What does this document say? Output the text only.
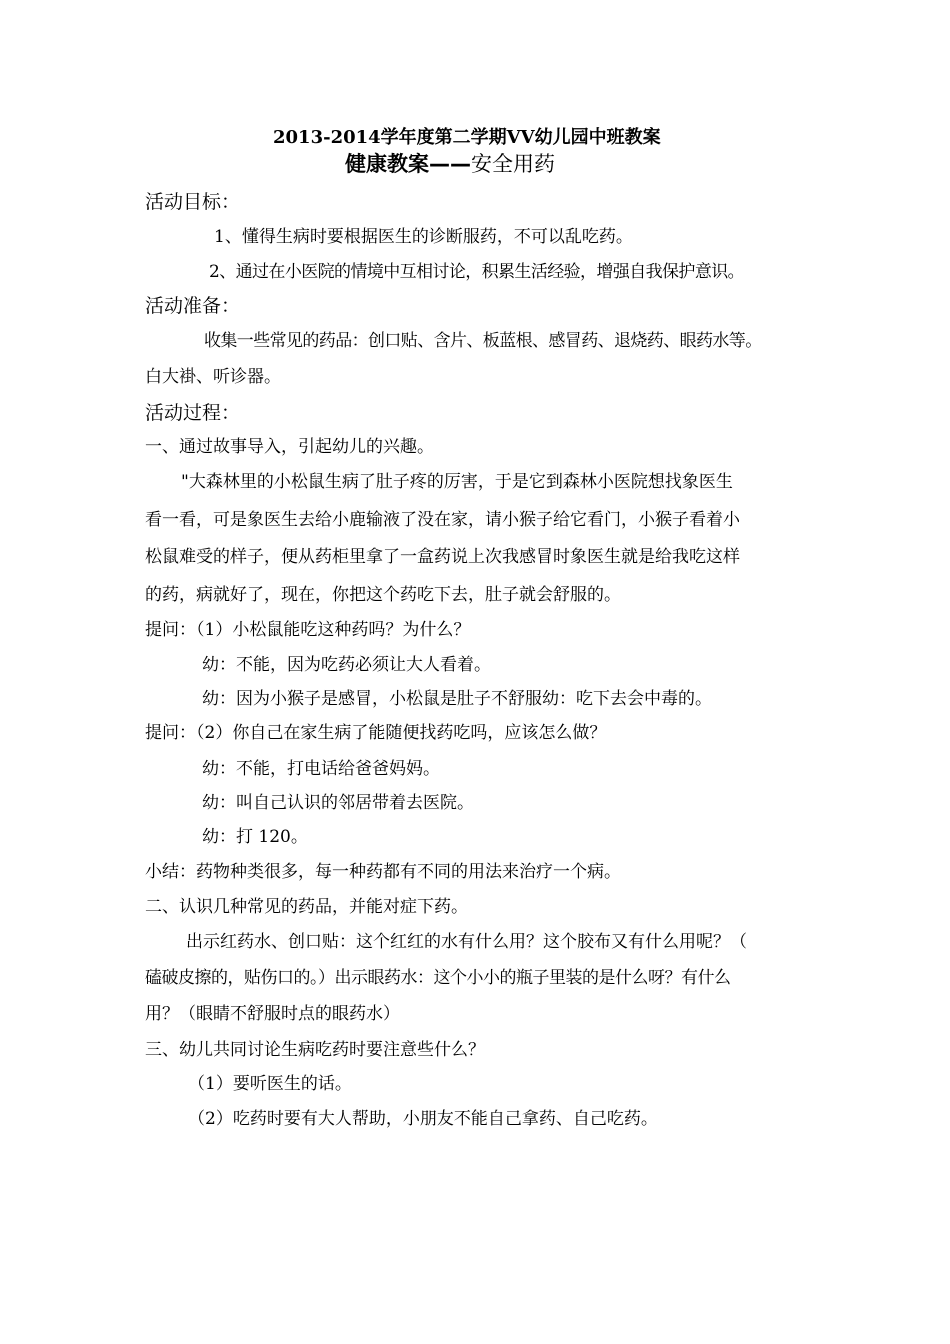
2013-2014学年度第二学期VV幼儿园中班教案
健康教案——安全用药
活动目标：
1、懂得生病时要根据医生的诊断服药，不可以乱吃药。
2、通过在小医院的情境中互相讨论，积累生活经验，增强自我保护意识。
活动准备：
收集一些常见的药品：创口贴、含片、板蓝根、感冒药、退烧药、眼药水等。
白大褂、听诊器。
活动过程：
一、通过故事导入，引起幼儿的兴趣。
"大森林里的小松鼠生病了肚子疼的厉害，于是它到森林小医院想找象医生
看一看，可是象医生去给小鹿输液了没在家，请小猴子给它看门，小猴子看着小
松鼠难受的样子，便从药柜里拿了一盒药说上次我感冒时象医生就是给我吃这样
的药，病就好了，现在，你把这个药吃下去，肚子就会舒服的。
提问：（1）小松鼠能吃这种药吗？为什么？
幼：不能，因为吃药必须让大人看着。
幼：因为小猴子是感冒，小松鼠是肚子不舒服幼：吃下去会中毒的。
提问：（2）你自己在家生病了能随便找药吃吗，应该怎么做？
幼：不能，打电话给爸爸妈妈。
幼：叫自己认识的邻居带着去医院。
幼：打 120。
小结：药物种类很多，每一种药都有不同的用法来治疗一个病。
二、认识几种常见的药品，并能对症下药。
出示红药水、创口贴：这个红红的水有什么用？这个胶布又有什么用呢？（
磕破皮擦的，贴伤口的。）出示眼药水：这个小小的瓶子里装的是什么呀？有什么
用？（眼睛不舒服时点的眼药水）
三、幼儿共同讨论生病吃药时要注意些什么？
（1）要听医生的话。
（2）吃药时要有大人帮助，小朋友不能自己拿药、自己吃药。
